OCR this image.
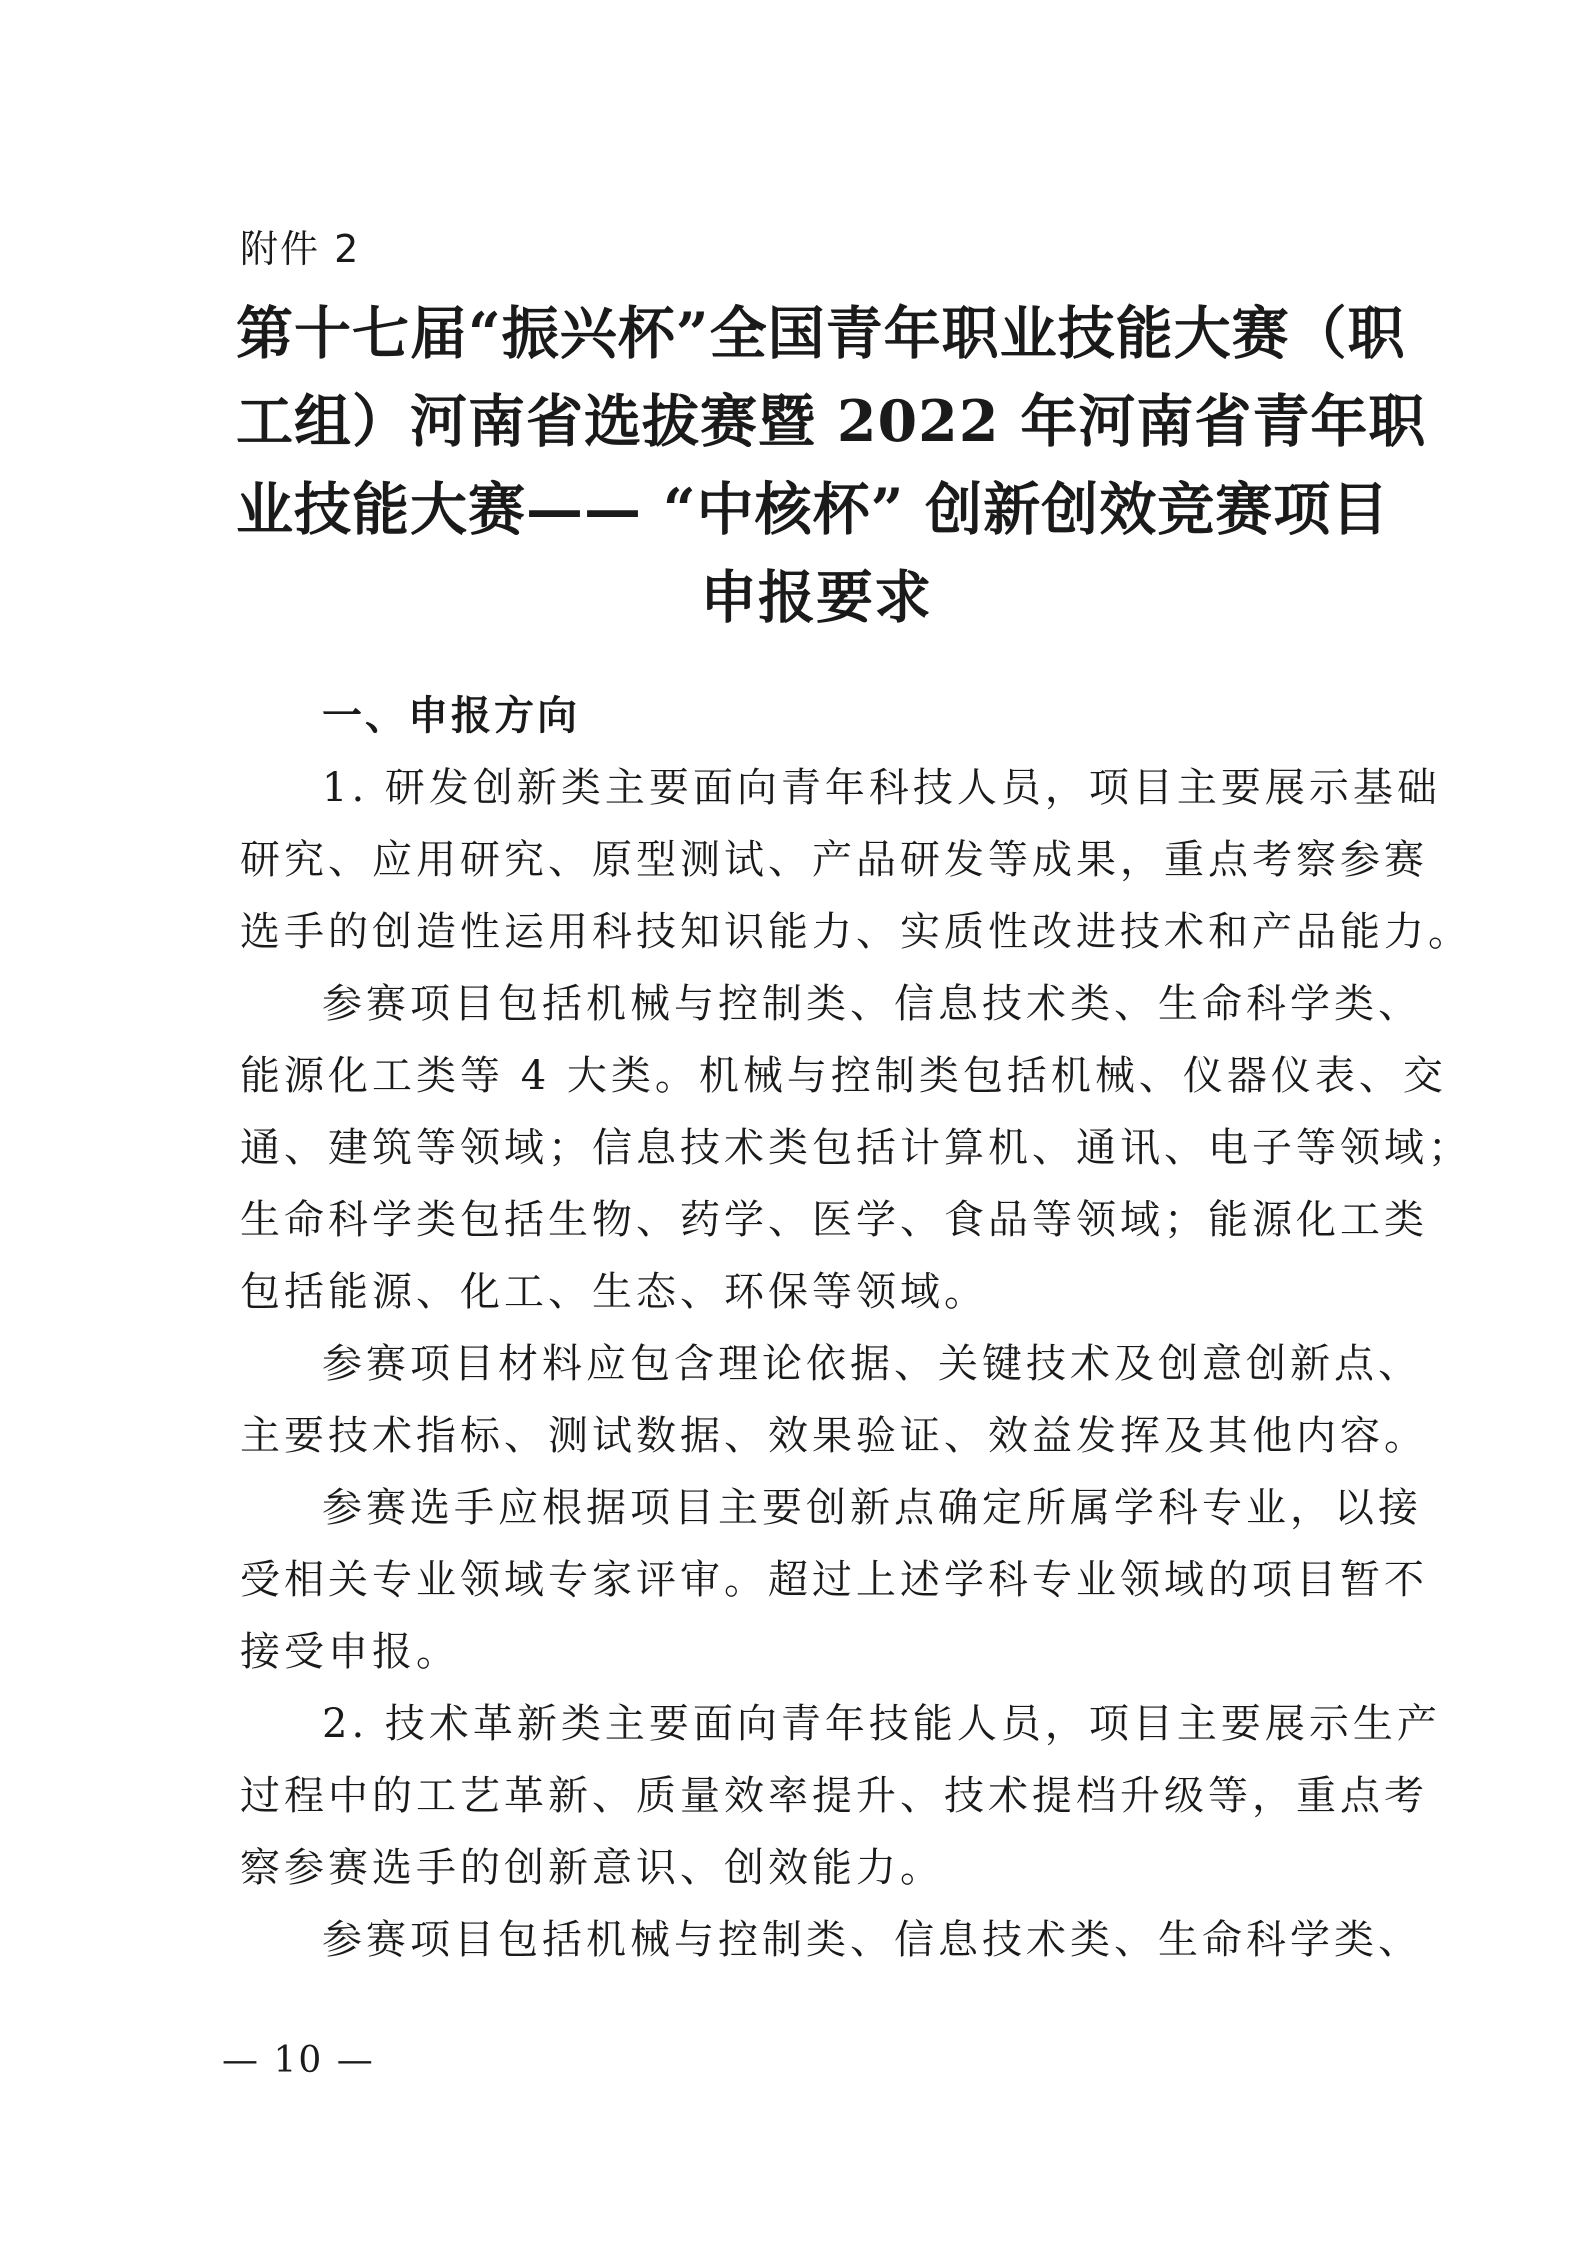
附件 2
第十七届“振兴杯”全国青年职业技能大赛（职
工组）河南省选拔赛暨 2022 年河南省青年职
业技能大赛—— “中核杯” 创新创效竞赛项目
申报要求
一、申报方向
1. 研发创新类主要面向青年科技人员，项目主要展示基础
研究、应用研究、原型测试、产品研发等成果，重点考察参赛
选手的创造性运用科技知识能力、实质性改进技术和产品能力。
参赛项目包括机械与控制类、信息技术类、生命科学类、
能源化工类等 4 大类。机械与控制类包括机械、仪器仪表、交
通、建筑等领域；信息技术类包括计算机、通讯、电子等领域；
生命科学类包括生物、药学、医学、食品等领域；能源化工类
包括能源、化工、生态、环保等领域。
参赛项目材料应包含理论依据、关键技术及创意创新点、
主要技术指标、测试数据、效果验证、效益发挥及其他内容。
参赛选手应根据项目主要创新点确定所属学科专业，以接
受相关专业领域专家评审。超过上述学科专业领域的项目暂不
接受申报。
2. 技术革新类主要面向青年技能人员，项目主要展示生产
过程中的工艺革新、质量效率提升、技术提档升级等，重点考
察参赛选手的创新意识、创效能力。
参赛项目包括机械与控制类、信息技术类、生命科学类、
— 10 —
